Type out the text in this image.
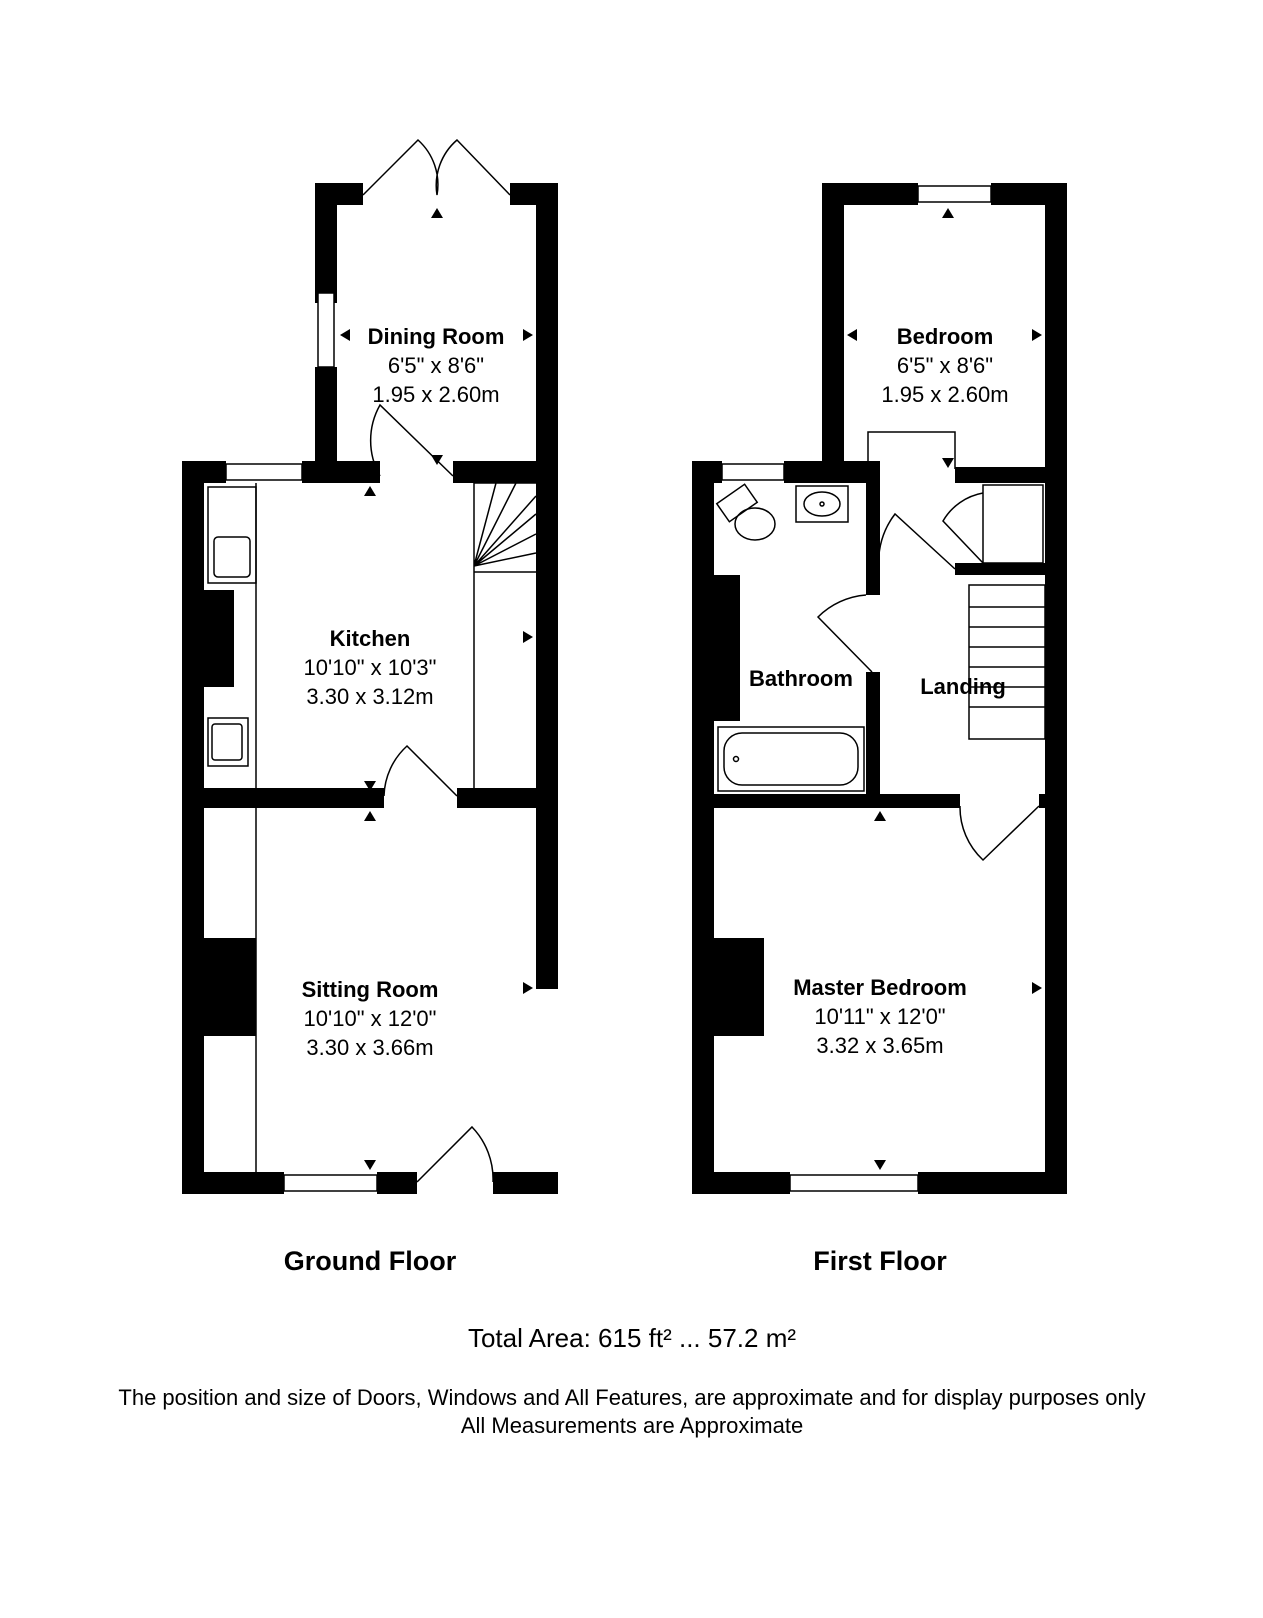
Dining Room
6'5" x 8'6"
1.95 x 2.60m
Kitchen
10'10" x 10'3"
3.30 x 3.12m
Sitting Room
10'10" x 12'0"
3.30 x 3.66m
Ground Floor
Bedroom
6'5" x 8'6"
1.95 x 2.60m
Bathroom	Landing
Master Bedroom
10'11" x 12'0"
3.32 x 3.65m
First Floor
Total Area: 615 ft² ... 57.2 m²
The position and size of Doors, Windows and All Features, are approximate and for display purposes only
All Measurements are Approximate
